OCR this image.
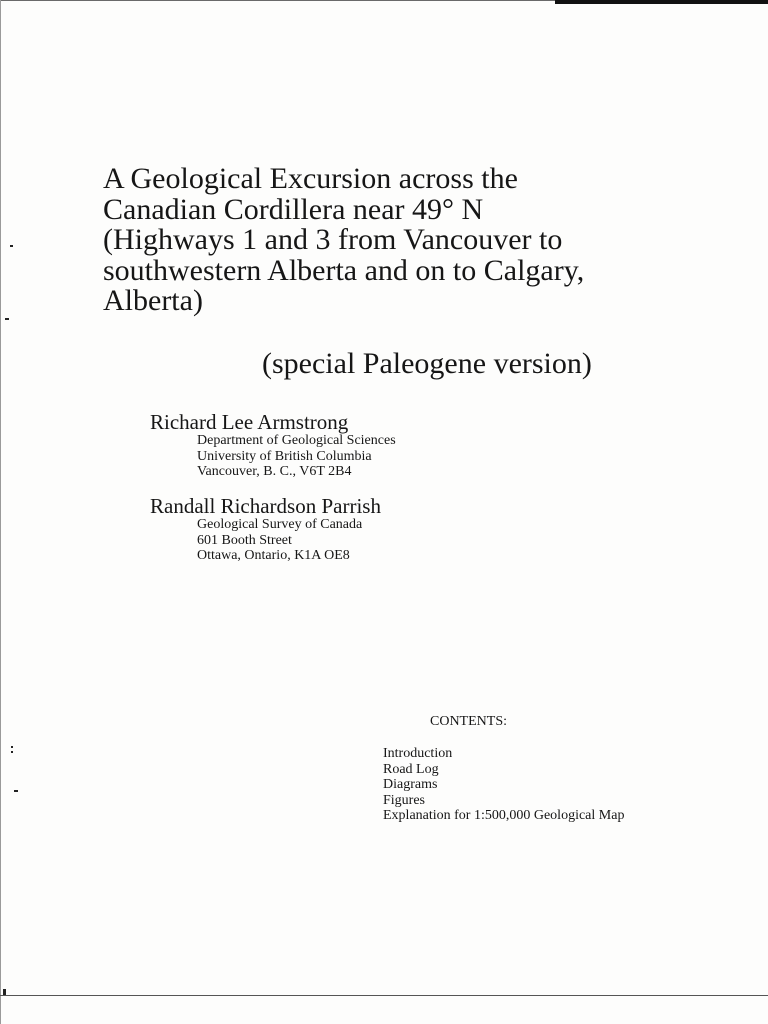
A Geological Excursion across the
Canadian Cordillera near 49° N
(Highways 1 and 3 from Vancouver to
southwestern Alberta and on to Calgary,
Alberta)
(special Paleogene version)
Richard Lee Armstrong
Department of Geological Sciences
University of British Columbia
Vancouver, B. C., V6T 2B4
Randall Richardson Parrish
Geological Survey of Canada
601 Booth Street
Ottawa, Ontario, K1A OE8
CONTENTS:
Introduction
Road Log
Diagrams
Figures
Explanation for 1:500,000 Geological Map
